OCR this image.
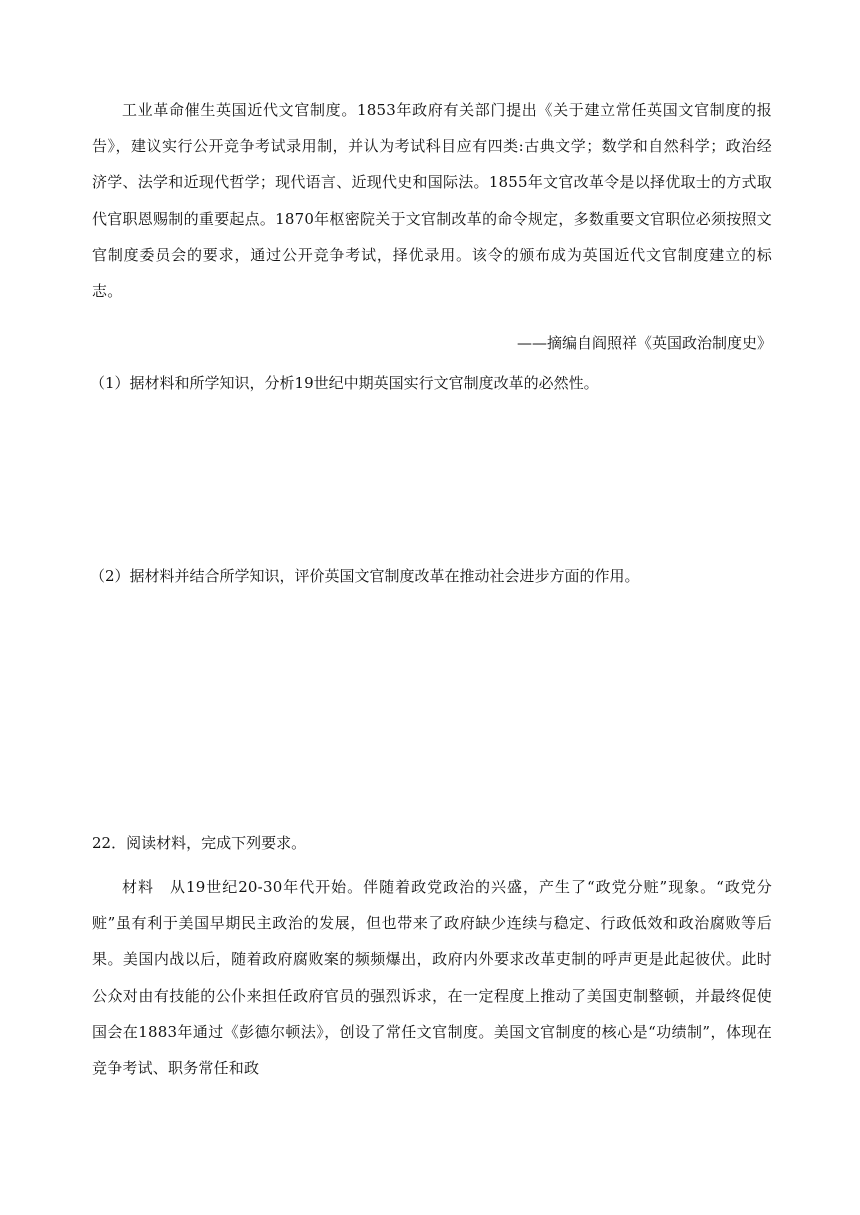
工业革命催生英国近代文官制度。1853年政府有关部门提出《关于建立常任英国文官制度的报告》，建议实行公开竞争考试录用制，并认为考试科目应有四类:古典文学；数学和自然科学；政治经济学、法学和近现代哲学；现代语言、近现代史和国际法。1855年文官改革令是以择优取士的方式取代官职恩赐制的重要起点。1870年枢密院关于文官制改革的命令规定，多数重要文官职位必须按照文官制度委员会的要求，通过公开竞争考试，择优录用。该令的颁布成为英国近代文官制度建立的标志。

——摘编自阎照祥《英国政治制度史》

（1）据材料和所学知识，分析19世纪中期英国实行文官制度改革的必然性。

（2）据材料并结合所学知识，评价英国文官制度改革在推动社会进步方面的作用。

22．阅读材料，完成下列要求。

材料　从19世纪20-30年代开始。伴随着政党政治的兴盛，产生了“政党分赃”现象。“政党分赃”虽有利于美国早期民主政治的发展，但也带来了政府缺少连续与稳定、行政低效和政治腐败等后果。美国内战以后，随着政府腐败案的频频爆出，政府内外要求改革吏制的呼声更是此起彼伏。此时公众对由有技能的公仆来担任政府官员的强烈诉求，在一定程度上推动了美国吏制整顿，并最终促使国会在1883年通过《彭德尔顿法》，创设了常任文官制度。美国文官制度的核心是“功绩制”，体现在竞争考试、职务常任和政
